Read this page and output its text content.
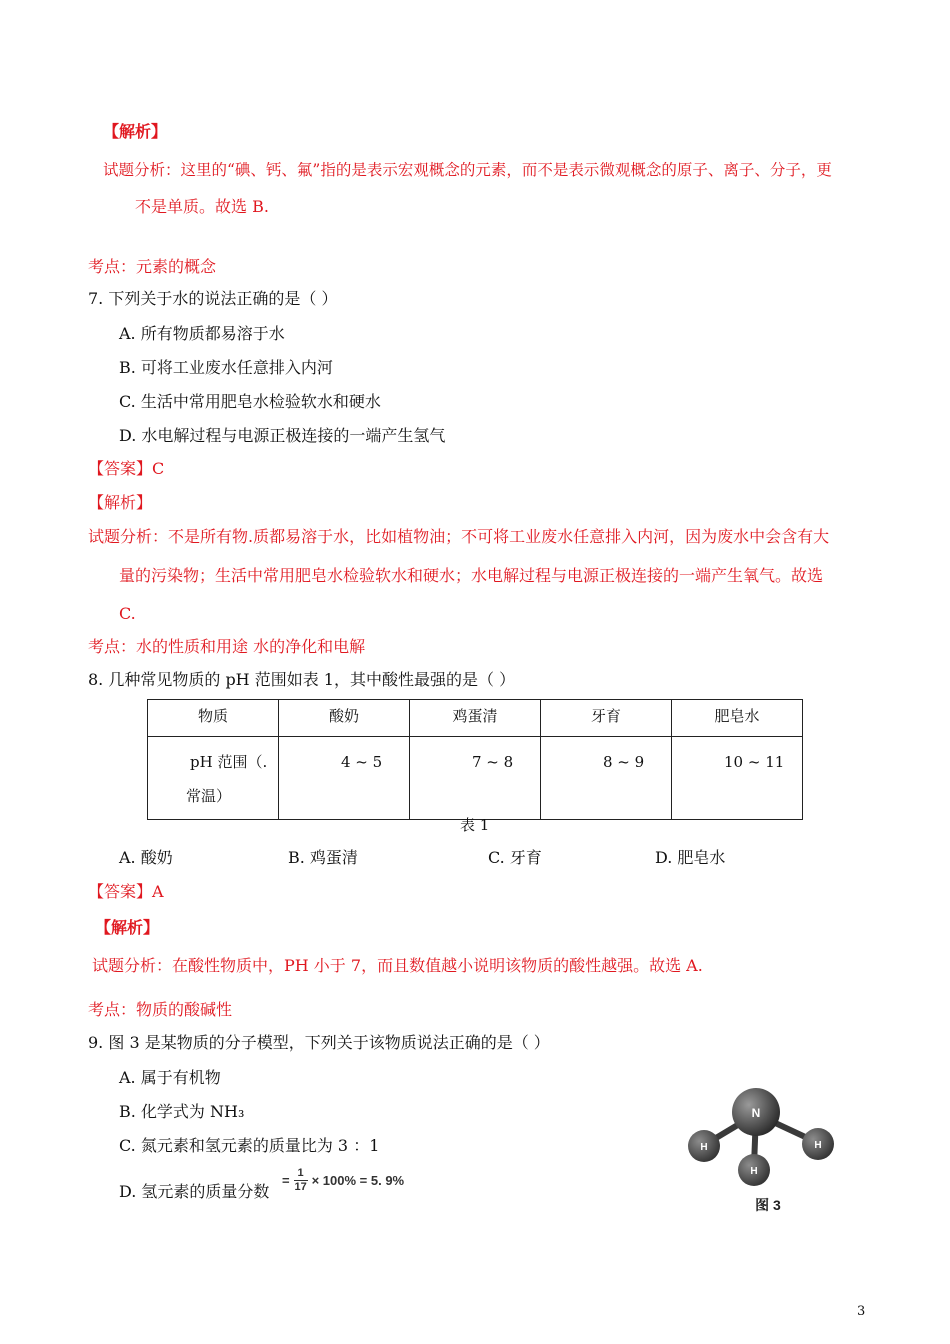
【解析】
试题分析：这里的“碘、钙、氟”指的是表示宏观概念的元素，而不是表示微观概念的原子、离子、分子，更
不是单质。故选 B.
考点：元素的概念
7. 下列关于水的说法正确的是（ ）
A. 所有物质都易溶于水
B. 可将工业废水任意排入内河
C. 生活中常用肥皂水检验软水和硬水
D. 水电解过程与电源正极连接的一端产生氢气
【答案】C
【解析】
试题分析：不是所有物.质都易溶于水，比如植物油；不可将工业废水任意排入内河，因为废水中会含有大
量的污染物；生活中常用肥皂水检验软水和硬水；水电解过程与电源正极连接的一端产生氧气。故选
C.
考点：水的性质和用途 水的净化和电解
8. 几种常见物质的 pH 范围如表 1，其中酸性最强的是（ ）
物质	酸奶	鸡蛋清	牙育	肥皂水

pH 范围（.
常温）	4 ~ 5	7 ~ 8	8 ~ 9	10 ~ 11
表 1
A. 酸奶	B. 鸡蛋清	C. 牙育	D. 肥皂水
【答案】A
【解析】
试题分析：在酸性物质中，PH 小于 7，而且数值越小说明该物质的酸性越强。故选 A.
考点：物质的酸碱性
9. 图 3 是某物质的分子模型，下列关于该物质说法正确的是（ ）
A. 属于有机物
B. 化学式为 NH₃
C. 氮元素和氢元素的质量比为 3 ：1
D. 氢元素的质量分数
= $\frac{1}{17} \times 100\% = 5$. 9%
N
H	H
H
图 3
3
